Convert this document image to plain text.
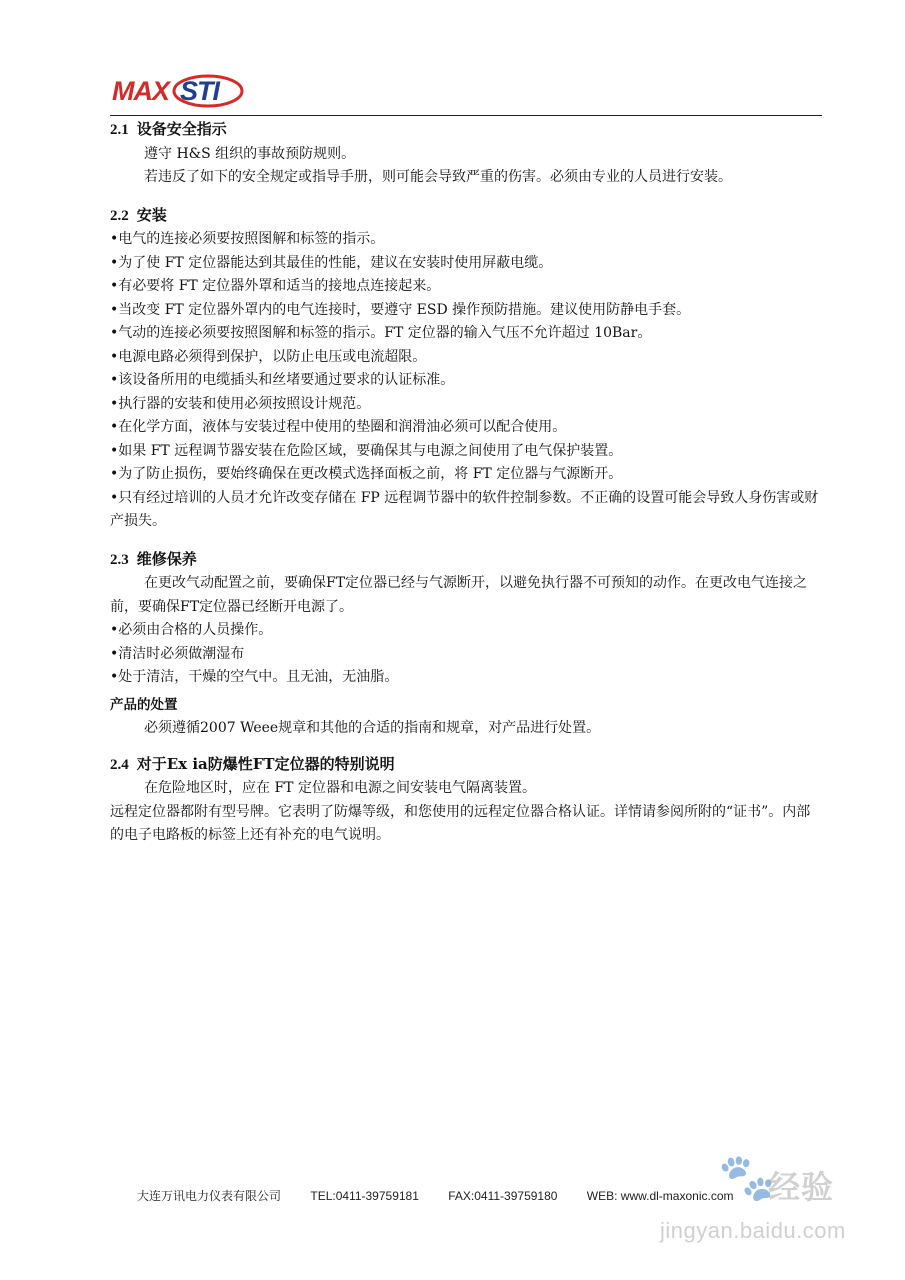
MAX STI
2.1 设备安全指示

遵守 H&S 组织的事故预防规则。

若违反了如下的安全规定或指导手册，则可能会导致严重的伤害。必须由专业的人员进行安装。

2.2 安装

•电气的连接必须要按照图解和标签的指示。

•为了使 FT 定位器能达到其最佳的性能，建议在安装时使用屏蔽电缆。

•有必要将 FT 定位器外罩和适当的接地点连接起来。

•当改变 FT 定位器外罩内的电气连接时，要遵守 ESD 操作预防措施。建议使用防静电手套。

•气动的连接必须要按照图解和标签的指示。FT 定位器的输入气压不允许超过 10Bar。

•电源电路必须得到保护，以防止电压或电流超限。

•该设备所用的电缆插头和丝堵要通过要求的认证标准。

•执行器的安装和使用必须按照设计规范。

•在化学方面，液体与安装过程中使用的垫圈和润滑油必须可以配合使用。

•如果 FT 远程调节器安装在危险区域，要确保其与电源之间使用了电气保护装置。

•为了防止损伤，要始终确保在更改模式选择面板之前，将 FT 定位器与气源断开。

•只有经过培训的人员才允许改变存储在 FP 远程调节器中的软件控制参数。不正确的设置可能会导致人身伤害或财产损失。

2.3 维修保养

在更改气动配置之前，要确保FT定位器已经与气源断开，以避免执行器不可预知的动作。在更改电气连接之前，要确保FT定位器已经断开电源了。

•必须由合格的人员操作。

•清洁时必须做潮湿布

•处于清洁，干燥的空气中。且无油，无油脂。

产品的处置

必须遵循2007 Weee规章和其他的合适的指南和规章，对产品进行处置。

2.4 对于Ex ia防爆性FT定位器的特别说明

在危险地区时，应在 FT 定位器和电源之间安装电气隔离装置。

远程定位器都附有型号牌。它表明了防爆等级，和您使用的远程定位器合格认证。详情请参阅所附的“证书”。内部的电子电路板的标签上还有补充的电气说明。

大连万讯电力仪表有限公司 TEL:0411-39759181 FAX:0411-39759180 WEB: www.dl-maxonic.com
🐾
经验
jingyan.baidu.com
